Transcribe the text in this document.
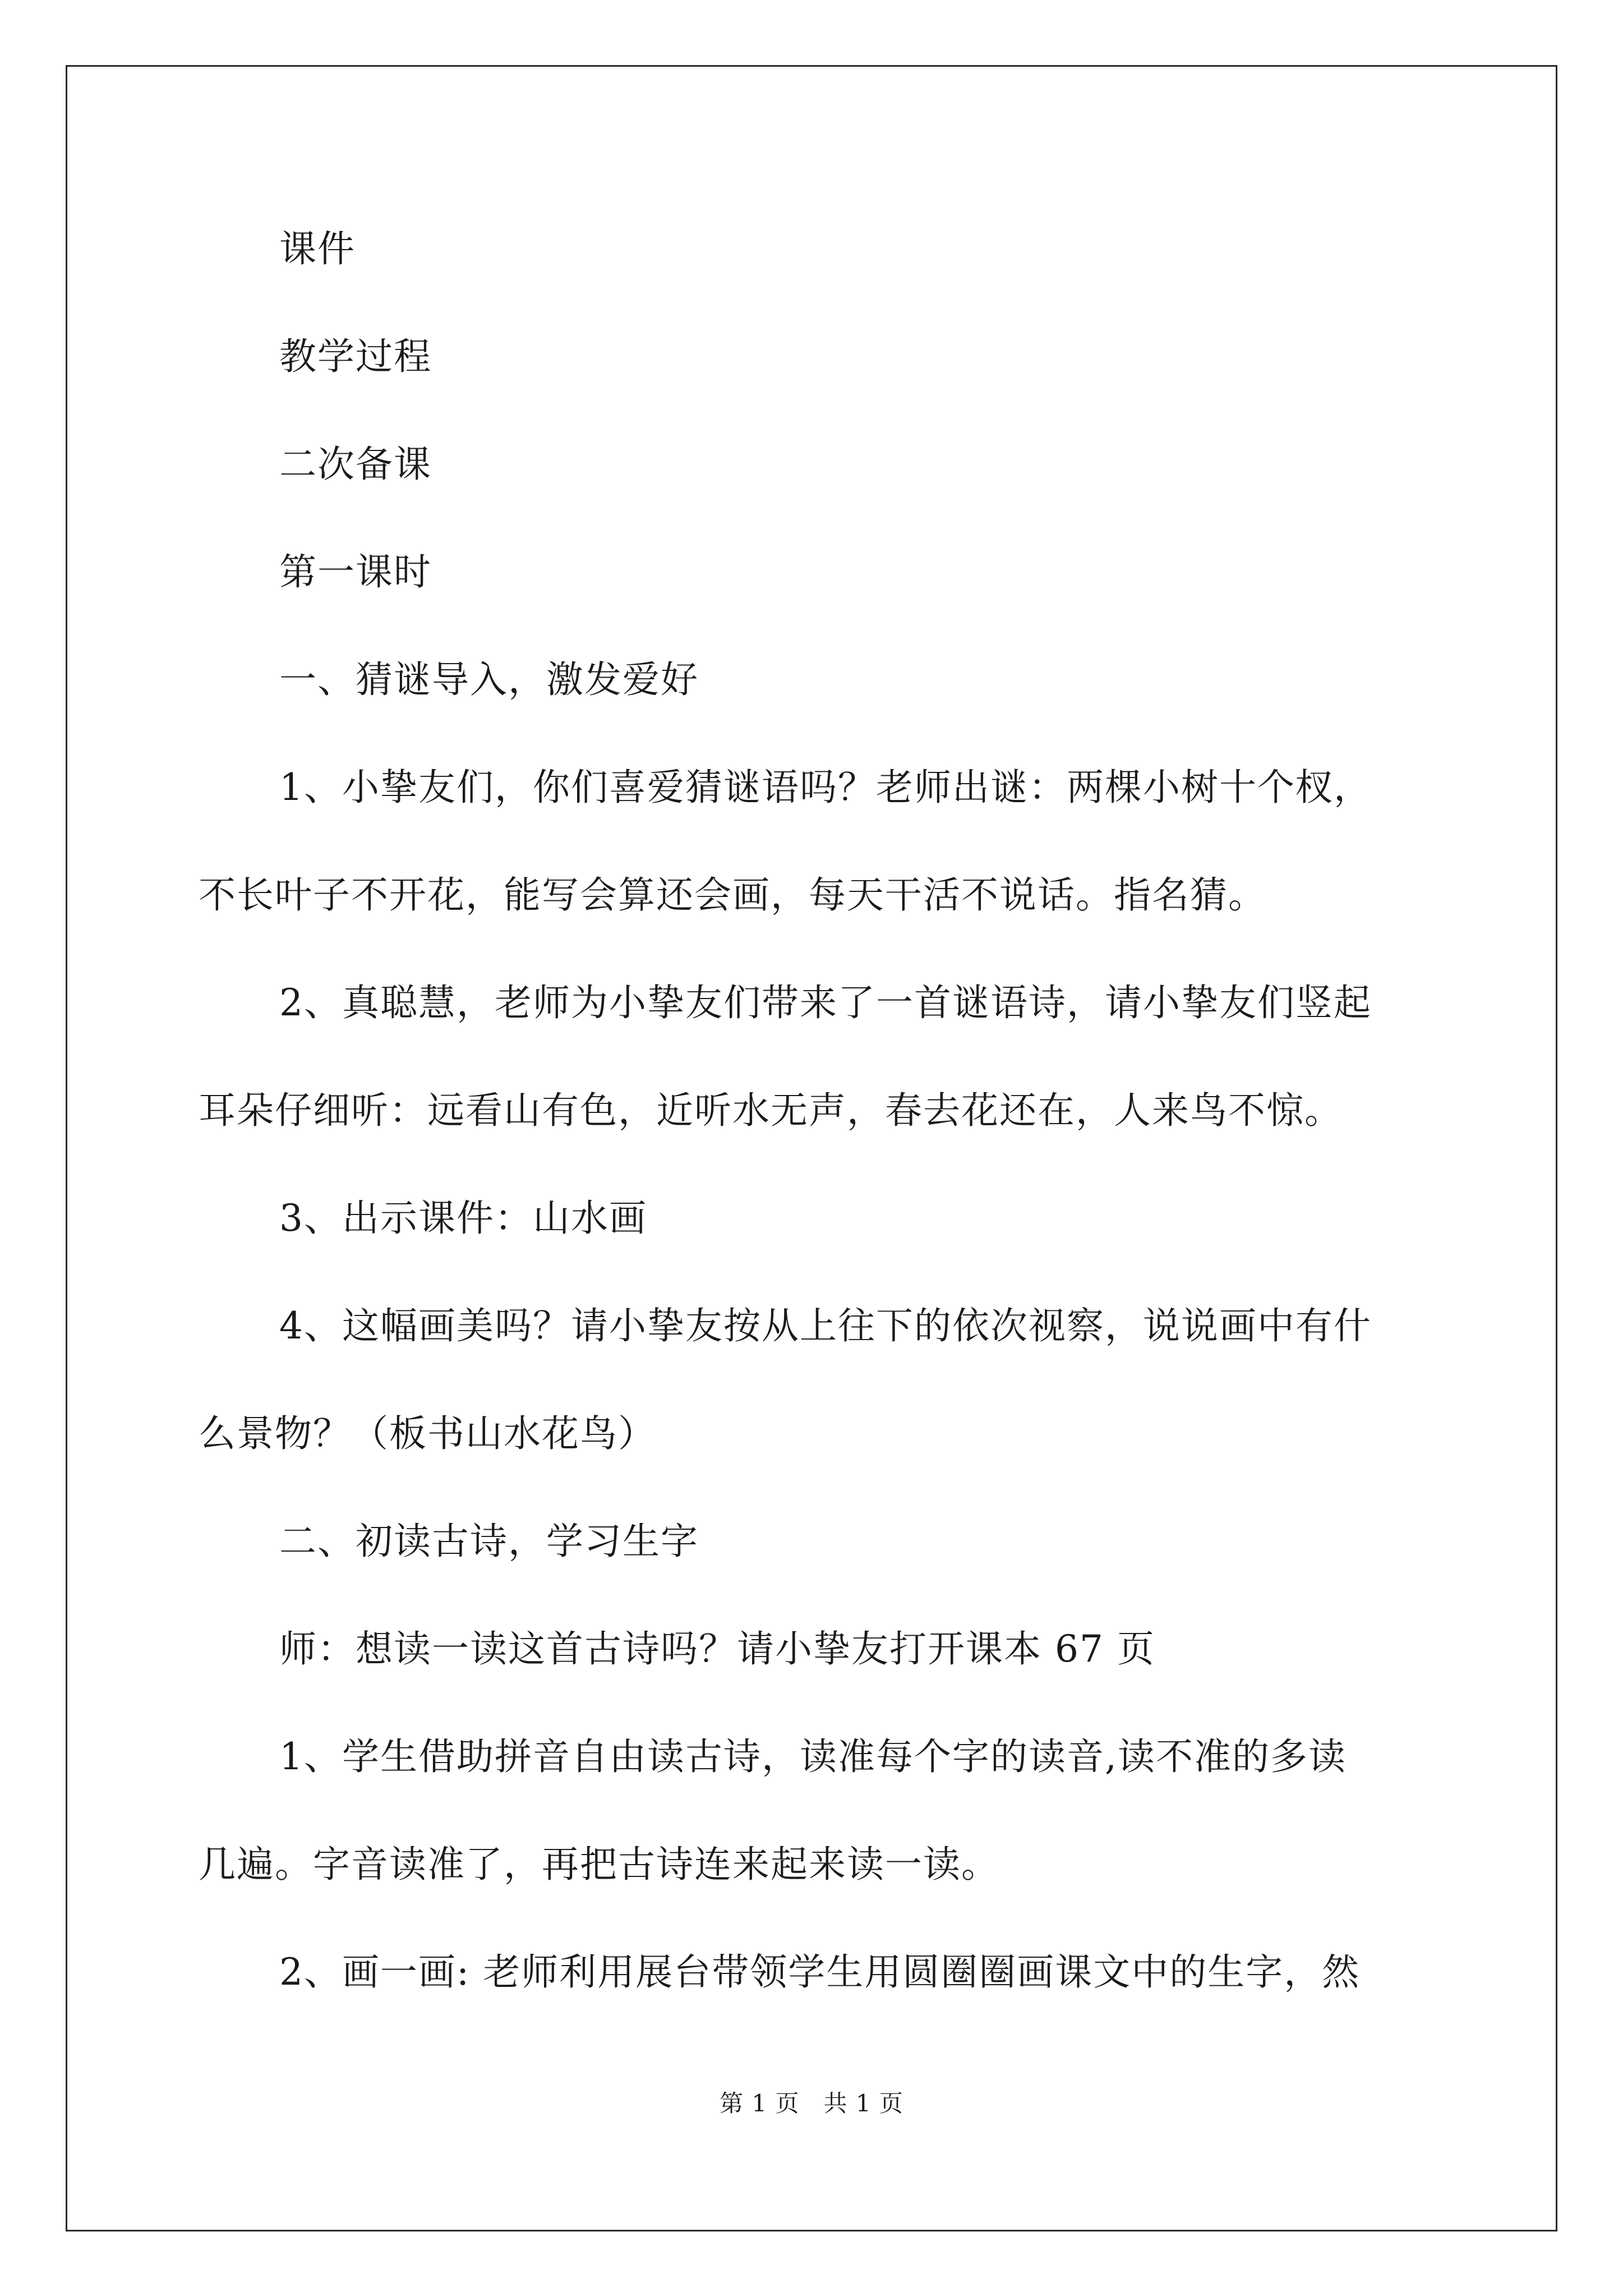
课件
教学过程
二次备课
第一课时
一、猜谜导入，激发爱好
1、小挚友们，你们喜爱猜谜语吗？老师出谜：两棵小树十个杈，
不长叶子不开花，能写会算还会画，每天干活不说话。指名猜。
2、真聪慧，老师为小挚友们带来了一首谜语诗，请小挚友们竖起
耳朵仔细听：远看山有色，近听水无声，春去花还在，人来鸟不惊。
3、出示课件：山水画
4、这幅画美吗？请小挚友按从上往下的依次视察，说说画中有什
么景物？（板书山水花鸟）
二、初读古诗，学习生字
师：想读一读这首古诗吗？请小挚友打开课本 67 页
1、学生借助拼音自由读古诗，读准每个字的读音,读不准的多读
几遍。字音读准了，再把古诗连来起来读一读。
2、画一画: 老师利用展台带领学生用圆圈圈画课文中的生字，然
第 1 页　共 1 页
